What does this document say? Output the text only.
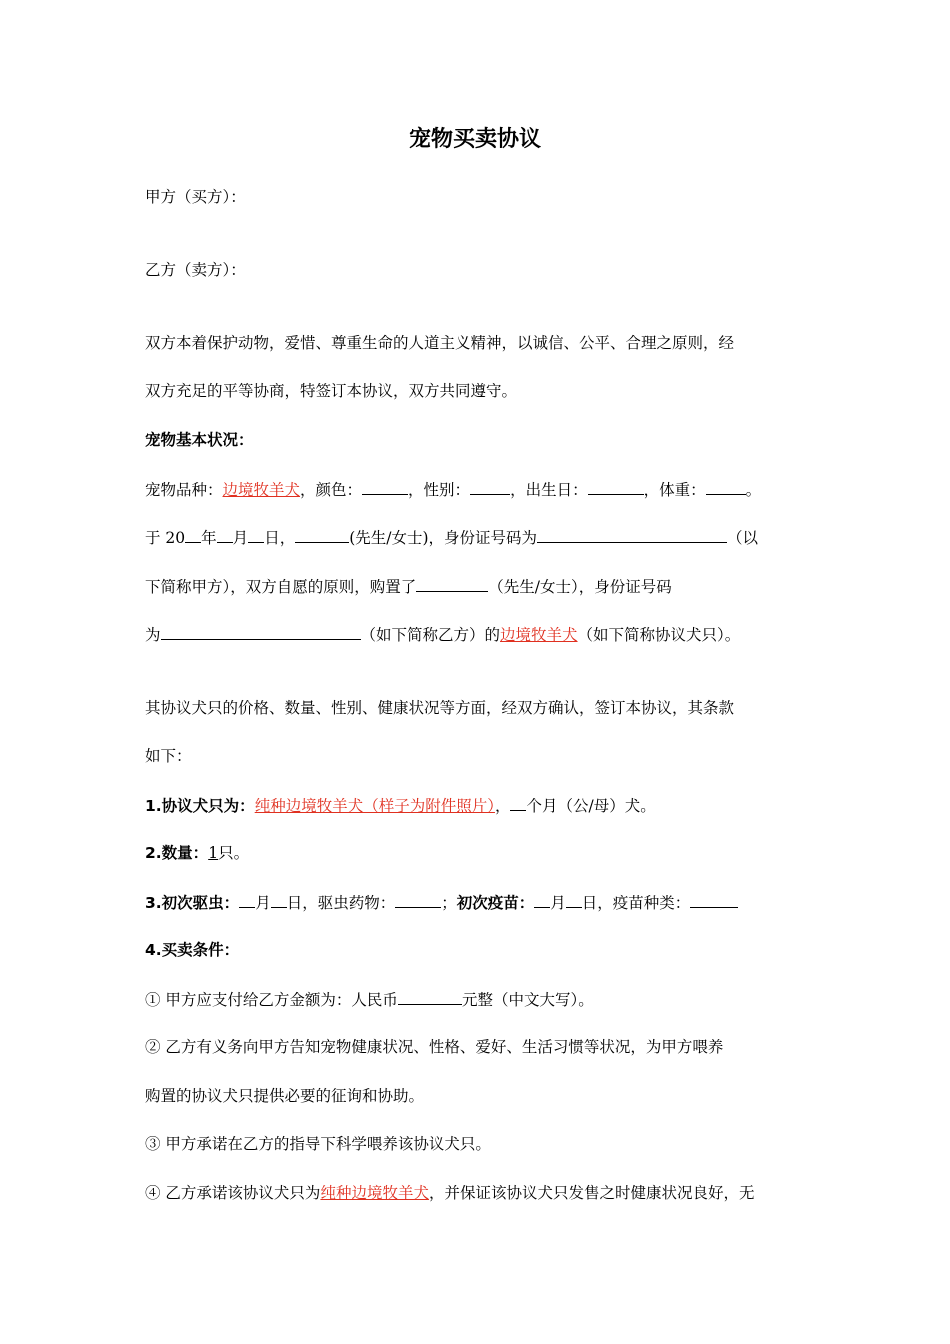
宠物买卖协议
甲方（买方）：
乙方（卖方）：
双方本着保护动物，爱惜、尊重生命的人道主义精神，以诚信、公平、合理之原则，经
双方充足的平等协商，特签订本协议，双方共同遵守。
宠物基本状况：
宠物品种：边境牧羊犬，颜色：	，性别：	，出生日：	，体重：	。
于 20 年 月 日，	(先生/女士)，身份证号码为	（以
下简称甲方），双方自愿的原则，购置了	（先生/女士），身份证号码
为	（如下简称乙方）的边境牧羊犬（如下简称协议犬只）。
其协议犬只的价格、数量、性别、健康状况等方面，经双方确认，签订本协议，其条款
如下：
1.协议犬只为：纯种边境牧羊犬（样子为附件照片）， 个月（公/母）犬。
2.数量：1只。
3.初次驱虫： 月 日，驱虫药物：	；初次疫苗： 月 日，疫苗种类：
4.买卖条件：
① 甲方应支付给乙方金额为：人民币	元整（中文大写）。
② 乙方有义务向甲方告知宠物健康状况、性格、爱好、生活习惯等状况，为甲方喂养
购置的协议犬只提供必要的征询和协助。
③ 甲方承诺在乙方的指导下科学喂养该协议犬只。
④ 乙方承诺该协议犬只为纯种边境牧羊犬，并保证该协议犬只发售之时健康状况良好，无
